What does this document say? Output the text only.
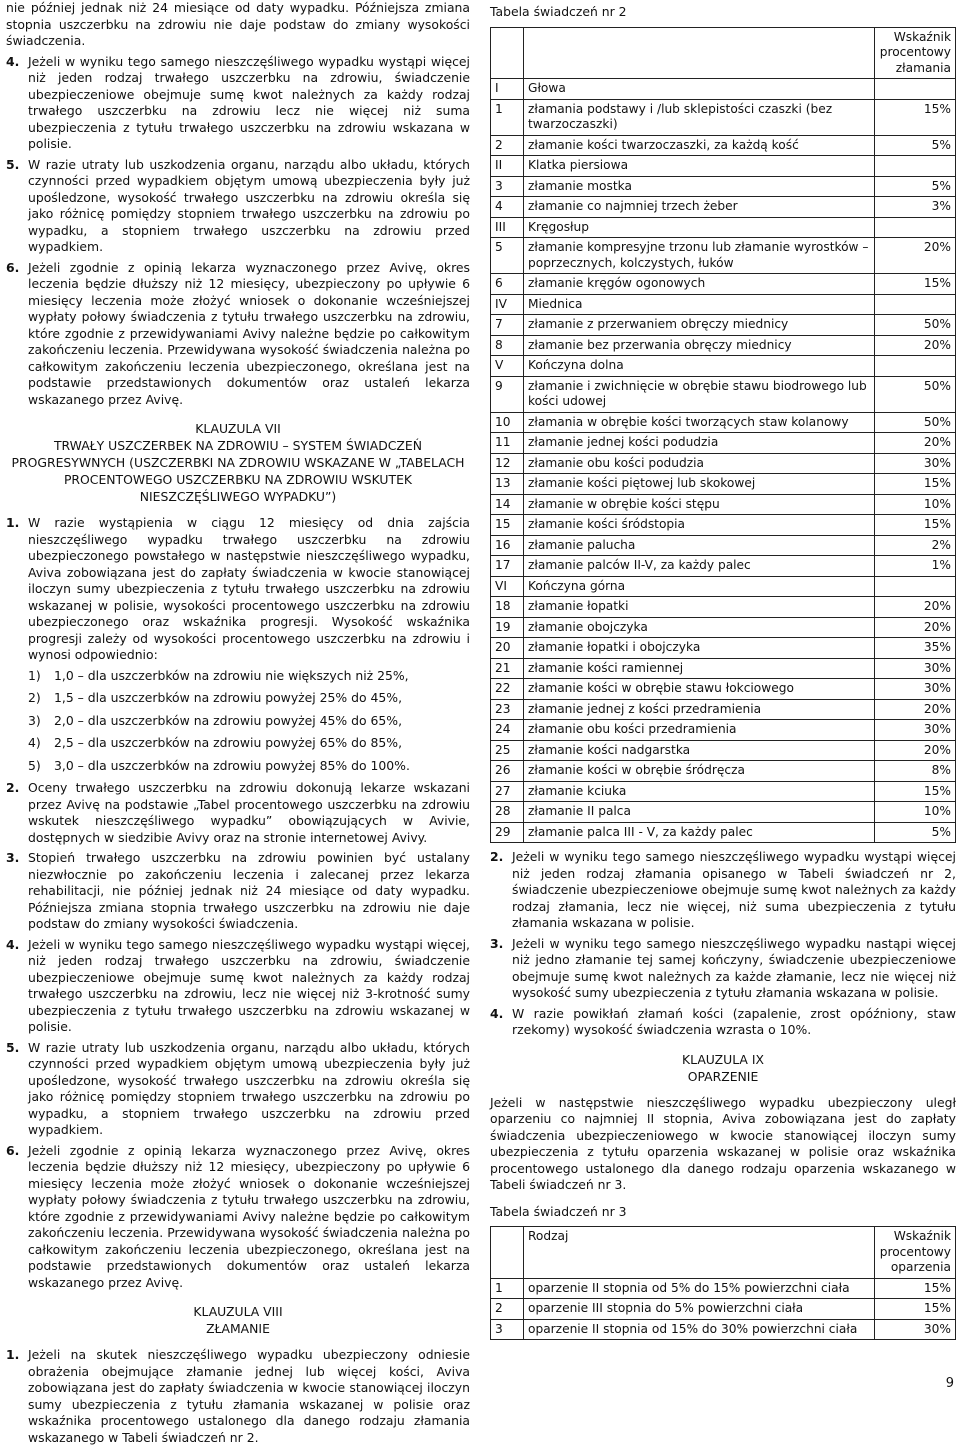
nie później jednak niż 24 miesiące od daty wypadku. Późniejsza zmiana stopnia uszczerbku na zdrowiu nie daje podstaw do zmiany wysokości świadczenia.

4. Jeżeli w wyniku tego samego nieszczęśliwego wypadku wystąpi więcej niż jeden rodzaj trwałego uszczerbku na zdrowiu, świadczenie ubezpieczeniowe obejmuje sumę kwot należnych za każdy rodzaj trwałego uszczerbku na zdrowiu lecz nie więcej niż suma ubezpieczenia z tytułu trwałego uszczerbku na zdrowiu wskazana w polisie.
5. W razie utraty lub uszkodzenia organu, narządu albo układu, których czynności przed wypadkiem objętym umową ubezpieczenia były już upośledzone, wysokość trwałego uszczerbku na zdrowiu określa się jako różnicę pomiędzy stopniem trwałego uszczerbku na zdrowiu po wypadku, a stopniem trwałego uszczerbku na zdrowiu przed wypadkiem.
6. Jeżeli zgodnie z opinią lekarza wyznaczonego przez Avivę, okres leczenia będzie dłuższy niż 12 miesięcy, ubezpieczony po upływie 6 miesięcy leczenia może złożyć wniosek o dokonanie wcześniejszej wypłaty połowy świadczenia z tytułu trwałego uszczerbku na zdrowiu, które zgodnie z przewidywaniami Avivy należne będzie po całkowitym zakończeniu leczenia. Przewidywana wysokość świadczenia należna po całkowitym zakończeniu leczenia ubezpieczonego, określana jest na podstawie przedstawionych dokumentów oraz ustaleń lekarza wskazanego przez Avivę.
KLAUZULA VII
TRWAŁY USZCZERBEK NA ZDROWIU – SYSTEM ŚWIADCZEŃ PROGRESYWNYCH (USZCZERBKI NA ZDROWIU WSKAZANE W „TABELACH PROCENTOWEGO USZCZERBKU NA ZDROWIU WSKUTEK NIESZCZĘŚLIWEGO WYPADKU”)
1. W razie wystąpienia w ciągu 12 miesięcy od dnia zajścia nieszczęśliwego wypadku trwałego uszczerbku na zdrowiu ubezpieczonego powstałego w następstwie nieszczęśliwego wypadku, Aviva zobowiązana jest do zapłaty świadczenia w kwocie stanowiącej iloczyn sumy ubezpieczenia z tytułu trwałego uszczerbku na zdrowiu wskazanej w polisie, wysokości procentowego uszczerbku na zdrowiu ubezpieczonego oraz wskaźnika progresji. Wysokość wskaźnika progresji zależy od wysokości procentowego uszczerbku na zdrowiu i wynosi odpowiednio:
1) 1,0 – dla uszczerbków na zdrowiu nie większych niż 25%,
2) 1,5 – dla uszczerbków na zdrowiu powyżej 25% do 45%,
3) 2,0 – dla uszczerbków na zdrowiu powyżej 45% do 65%,
4) 2,5 – dla uszczerbków na zdrowiu powyżej 65% do 85%,
5) 3,0 – dla uszczerbków na zdrowiu powyżej 85% do 100%.
2. Oceny trwałego uszczerbku na zdrowiu dokonują lekarze wskazani przez Avivę na podstawie „Tabel procentowego uszczerbku na zdrowiu wskutek nieszczęśliwego wypadku” obowiązujących w Avivie, dostępnych w siedzibie Avivy oraz na stronie internetowej Avivy.
3. Stopień trwałego uszczerbku na zdrowiu powinien być ustalany niezwłocznie po zakończeniu leczenia i zalecanej przez lekarza rehabilitacji, nie później jednak niż 24 miesiące od daty wypadku. Późniejsza zmiana stopnia trwałego uszczerbku na zdrowiu nie daje podstaw do zmiany wysokości świadczenia.
4. Jeżeli w wyniku tego samego nieszczęśliwego wypadku wystąpi więcej, niż jeden rodzaj trwałego uszczerbku na zdrowiu, świadczenie ubezpieczeniowe obejmuje sumę kwot należnych za każdy rodzaj trwałego uszczerbku na zdrowiu, lecz nie więcej niż 3-krotność sumy ubezpieczenia z tytułu trwałego uszczerbku na zdrowiu wskazanej w polisie.
5. W razie utraty lub uszkodzenia organu, narządu albo układu, których czynności przed wypadkiem objętym umową ubezpieczenia były już upośledzone, wysokość trwałego uszczerbku na zdrowiu określa się jako różnicę pomiędzy stopniem trwałego uszczerbku na zdrowiu po wypadku, a stopniem trwałego uszczerbku na zdrowiu przed wypadkiem.
6. Jeżeli zgodnie z opinią lekarza wyznaczonego przez Avivę, okres leczenia będzie dłuższy niż 12 miesięcy, ubezpieczony po upływie 6 miesięcy leczenia może złożyć wniosek o dokonanie wcześniejszej wypłaty połowy świadczenia z tytułu trwałego uszczerbku na zdrowiu, które zgodnie z przewidywaniami Avivy należne będzie po całkowitym zakończeniu leczenia. Przewidywana wysokość świadczenia należna po całkowitym zakończeniu leczenia ubezpieczonego, określana jest na podstawie przedstawionych dokumentów oraz ustaleń lekarza wskazanego przez Avivę.
KLAUZULA VIII
ZŁAMANIE
1. Jeżeli na skutek nieszczęśliwego wypadku ubezpieczony odniesie obrażenia obejmujące złamanie jednej lub więcej kości, Aviva zobowiązana jest do zapłaty świadczenia w kwocie stanowiącej iloczyn sumy ubezpieczenia z tytułu złamania wskazanej w polisie oraz wskaźnika procentowego ustalonego dla danego rodzaju złamania wskazanego w Tabeli świadczeń nr 2.
Tabela świadczeń nr 2
		Wskaźnik procentowy złamania
I	Głowa	
1	złamania podstawy i /lub sklepistości czaszki (bez twarzoczaszki)	15%
2	złamanie kości twarzoczaszki, za każdą kość	5%
II	Klatka piersiowa	
3	złamanie mostka	5%
4	złamanie co najmniej trzech żeber	3%
III	Kręgosłup	
5	złamanie kompresyjne trzonu lub złamanie wyrostków – poprzecznych, kolczystych, łuków	20%
6	złamanie kręgów ogonowych	15%
IV	Miednica	
7	złamanie z przerwaniem obręczy miednicy	50%
8	złamanie bez przerwania obręczy miednicy	20%
V	Kończyna dolna	
9	złamanie i zwichnięcie w obrębie stawu biodrowego lub kości udowej	50%
10	złamania w obrębie kości tworzących staw kolanowy	50%
11	złamanie jednej kości podudzia	20%
12	złamanie obu kości podudzia	30%
13	złamanie kości piętowej lub skokowej	15%
14	złamanie w obrębie kości stępu	10%
15	złamanie kości śródstopia	15%
16	złamanie palucha	2%
17	złamanie palców II-V, za każdy palec	1%
VI	Kończyna górna	
18	złamanie łopatki	20%
19	złamanie obojczyka	20%
20	złamanie łopatki i obojczyka	35%
21	złamanie kości ramiennej	30%
22	złamanie kości w obrębie stawu łokciowego	30%
23	złamanie jednej z kości przedramienia	20%
24	złamanie obu kości przedramienia	30%
25	złamanie kości nadgarstka	20%
26	złamanie kości w obrębie śródręcza	8%
27	złamanie kciuka	15%
28	złamanie II palca	10%
29	złamanie palca III - V, za każdy palec	5%
2. Jeżeli w wyniku tego samego nieszczęśliwego wypadku wystąpi więcej niż jeden rodzaj złamania opisanego w Tabeli świadczeń nr 2, świadczenie ubezpieczeniowe obejmuje sumę kwot należnych za każdy rodzaj złamania, lecz nie więcej, niż suma ubezpieczenia z tytułu złamania wskazana w polisie.
3. Jeżeli w wyniku tego samego nieszczęśliwego wypadku nastąpi więcej niż jedno złamanie tej samej kończyny, świadczenie ubezpieczeniowe obejmuje sumę kwot należnych za każde złamanie, lecz nie więcej niż wysokość sumy ubezpieczenia z tytułu złamania wskazana w polisie.
4. W razie powikłań złamań kości (zapalenie, zrost opóźniony, staw rzekomy) wysokość świadczenia wzrasta o 10%.
KLAUZULA IX
OPARZENIE

Jeżeli w następstwie nieszczęśliwego wypadku ubezpieczony uległ oparzeniu co najmniej II stopnia, Aviva zobowiązana jest do zapłaty świadczenia ubezpieczeniowego w kwocie stanowiącej iloczyn sumy ubezpieczenia z tytułu oparzenia wskazanej w polisie oraz wskaźnika procentowego ustalonego dla danego rodzaju oparzenia wskazanego w Tabeli świadczeń nr 3.

Tabela świadczeń nr 3
	Rodzaj	Wskaźnik procentowy oparzenia
1	oparzenie II stopnia od 5% do 15% powierzchni ciała	15%
2	oparzenie III stopnia do 5% powierzchni ciała	15%
3	oparzenie II stopnia od 15% do 30% powierzchni ciała	30%
9
